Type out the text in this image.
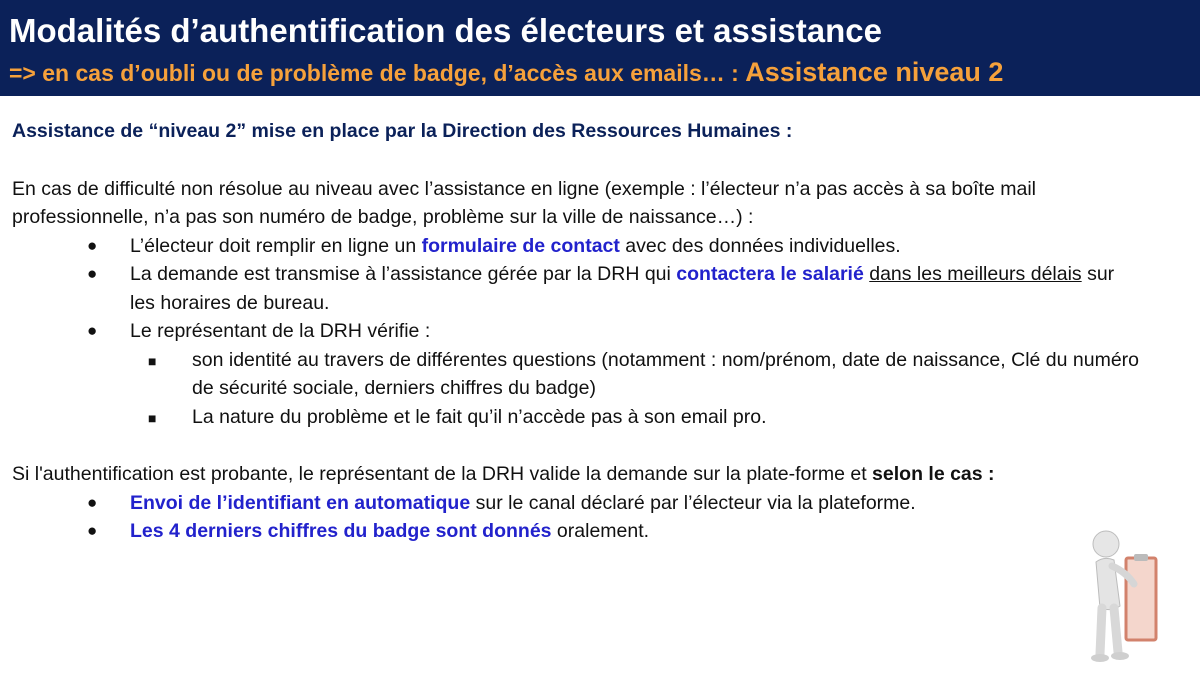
Modalités d’authentification des électeurs et assistance
=> en cas d’oubli ou de problème de badge, d’accès aux emails… : Assistance niveau 2

Assistance de “niveau 2” mise en place par la Direction des Ressources Humaines :

En cas de difficulté non résolue au niveau avec l’assistance en ligne (exemple : l’électeur n’a pas accès à sa boîte mail professionnelle, n’a pas son numéro de badge, problème sur la ville de naissance…) :

● L’électeur doit remplir en ligne un formulaire de contact avec des données individuelles.
● La demande est transmise à l’assistance gérée par la DRH qui contactera le salarié dans les meilleurs délais sur les horaires de bureau.
● Le représentant de la DRH vérifie :
■ son identité au travers de différentes questions (notamment : nom/prénom, date de naissance, Clé du numéro de sécurité sociale, derniers chiffres du badge)
■ La nature du problème et le fait qu’il n’accède pas à son email pro.

Si l'authentification est probante, le représentant de la DRH valide la demande sur la plate-forme et selon le cas :

● Envoi de l’identifiant en automatique sur le canal déclaré par l’électeur via la plateforme.
● Les 4 derniers chiffres du badge sont donnés oralement.
